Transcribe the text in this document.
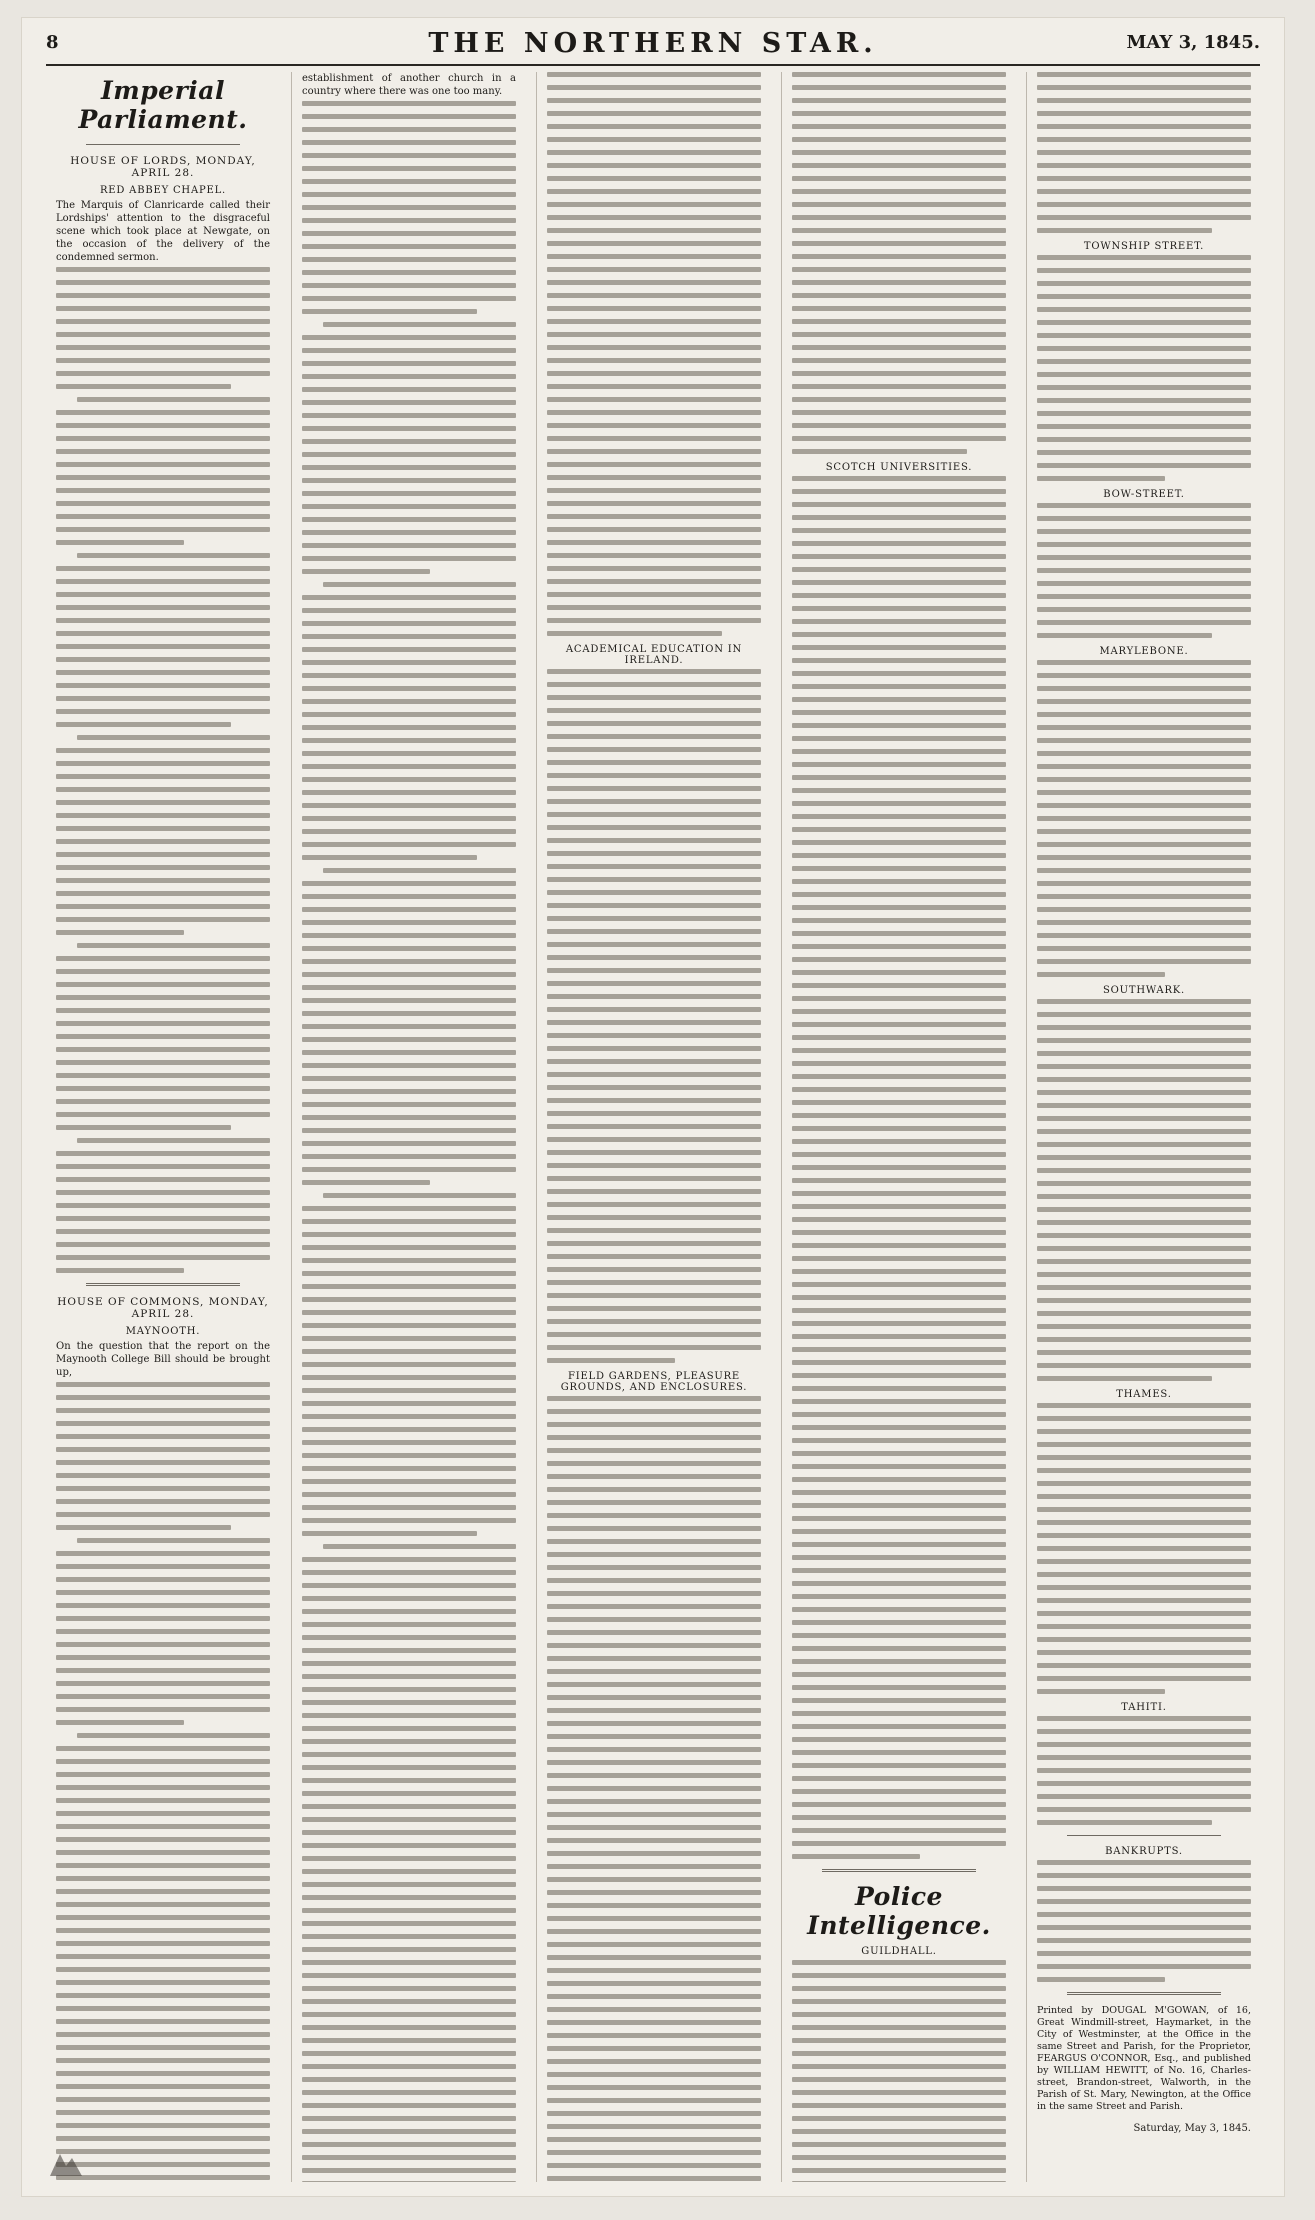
8	THE NORTHERN STAR.	MAY 3, 1845.
Imperial Parliament.
HOUSE OF LORDS, MONDAY, APRIL 28.
RED ABBEY CHAPEL.

The Marquis of Clanricarde called their Lordships' attention to the disgraceful scene which took place at Newgate, on the occasion of the delivery of the condemned sermon.

HOUSE OF COMMONS, MONDAY, APRIL 28.
MAYNOOTH.

On the question that the report on the Maynooth College Bill should be brought up,

establishment of another church in a country where there was one too many.

ACADEMICAL EDUCATION IN IRELAND.
FIELD GARDENS, PLEASURE GROUNDS, AND ENCLOSURES.
SCOTCH UNIVERSITIES.
Police Intelligence.
GUILDHALL.
TOWNSHIP STREET.
BOW-STREET.
MARYLEBONE.
SOUTHWARK.
THAMES.
TAHITI.
BANKRUPTS.

Printed by DOUGAL M'GOWAN, of 16, Great Windmill-street, Haymarket, in the City of Westminster, at the Office in the same Street and Parish, for the Proprietor, FEARGUS O'CONNOR, Esq., and published by WILLIAM HEWITT, of No. 16, Charles-street, Brandon-street, Walworth, in the Parish of St. Mary, Newington, at the Office in the same Street and Parish.

Saturday, May 3, 1845.
